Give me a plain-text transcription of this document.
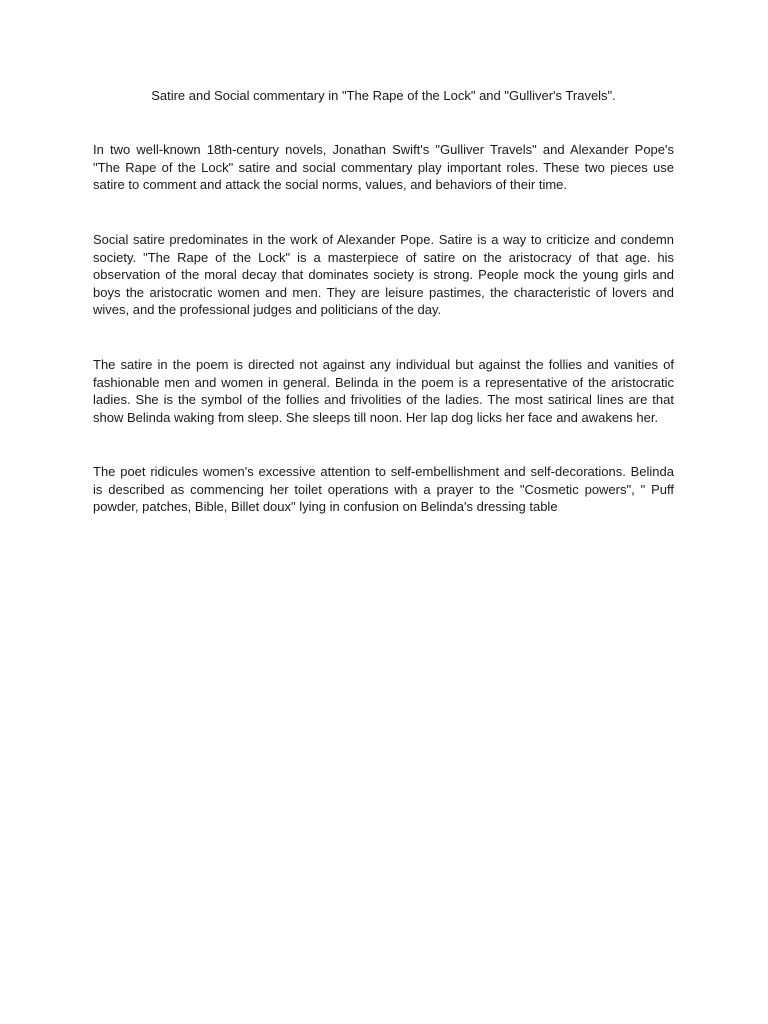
Satire and Social commentary in "The Rape of the Lock" and "Gulliver's Travels".

In two well-known 18th-century novels, Jonathan Swift's "Gulliver Travels" and Alexander Pope's "The Rape of the Lock" satire and social commentary play important roles. These two pieces use satire to comment and attack the social norms, values, and behaviors of their time.

Social satire predominates in the work of Alexander Pope. Satire is a way to criticize and condemn society. "The Rape of the Lock" is a masterpiece of satire on the aristocracy of that age. his observation of the moral decay that dominates society is strong. People mock the young girls and boys the aristocratic women and men. They are leisure pastimes, the characteristic of lovers and wives, and the professional judges and politicians of the day.

The satire in the poem is directed not against any individual but against the follies and vanities of fashionable men and women in general. Belinda in the poem is a representative of the aristocratic ladies. She is the symbol of the follies and frivolities of the ladies. The most satirical lines are that show Belinda waking from sleep. She sleeps till noon. Her lap dog licks her face and awakens her.

The poet ridicules women's excessive attention to self-embellishment and self-decorations. Belinda is described as commencing her toilet operations with a prayer to the "Cosmetic powers", " Puff powder, patches, Bible, Billet doux" lying in confusion on Belinda's dressing table
